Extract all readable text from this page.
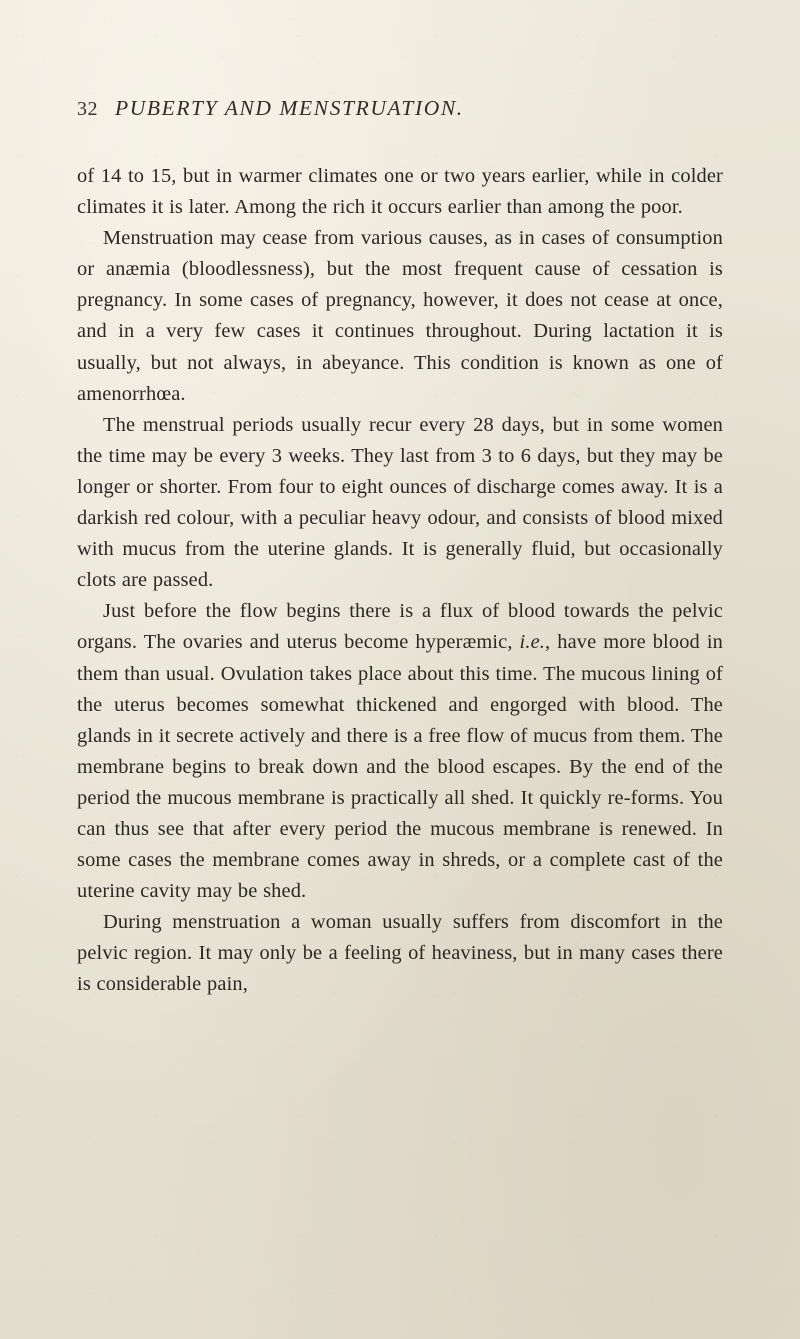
32 PUBERTY AND MENSTRUATION.

of 14 to 15, but in warmer climates one or two years earlier, while in colder climates it is later. Among the rich it occurs earlier than among the poor.

Menstruation may cease from various causes, as in cases of consumption or anæmia (bloodlessness), but the most frequent cause of cessation is pregnancy. In some cases of pregnancy, however, it does not cease at once, and in a very few cases it continues throughout. During lactation it is usually, but not always, in abeyance. This condition is known as one of amenorrhœa.

The menstrual periods usually recur every 28 days, but in some women the time may be every 3 weeks. They last from 3 to 6 days, but they may be longer or shorter. From four to eight ounces of discharge comes away. It is a darkish red colour, with a peculiar heavy odour, and consists of blood mixed with mucus from the uterine glands. It is generally fluid, but occasionally clots are passed.

Just before the flow begins there is a flux of blood towards the pelvic organs. The ovaries and uterus become hyperæmic, i.e., have more blood in them than usual. Ovulation takes place about this time. The mucous lining of the uterus becomes somewhat thickened and engorged with blood. The glands in it secrete actively and there is a free flow of mucus from them. The membrane begins to break down and the blood escapes. By the end of the period the mucous membrane is practically all shed. It quickly re-forms. You can thus see that after every period the mucous membrane is renewed. In some cases the membrane comes away in shreds, or a complete cast of the uterine cavity may be shed.

During menstruation a woman usually suffers from discomfort in the pelvic region. It may only be a feeling of heaviness, but in many cases there is considerable pain,
